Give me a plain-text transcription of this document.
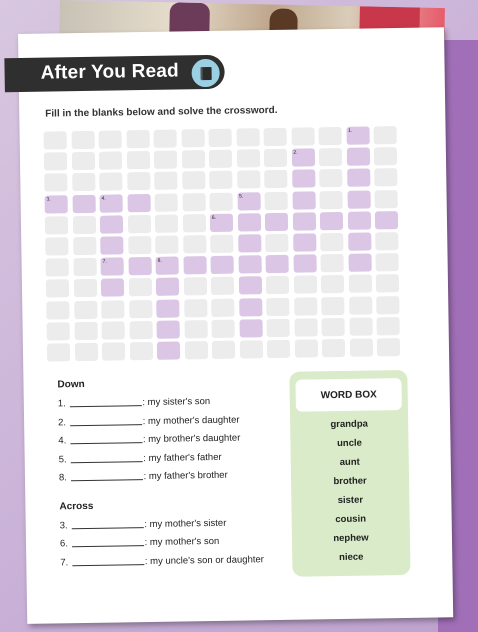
After You Read
Fill in the blanks below and solve the crossword.
1.
2.
3.	4.	5.
6.
7.	8.
Down
1.	: my sister's son
2.	: my mother's daughter
4.	: my brother's daughter
5.	: my father's father
8.	: my father's brother
Across
3.	: my mother's sister
6.	: my mother's son
7.	: my uncle's son or daughter
WORD BOX
grandpa
uncle
aunt
brother
sister
cousin
nephew
niece
